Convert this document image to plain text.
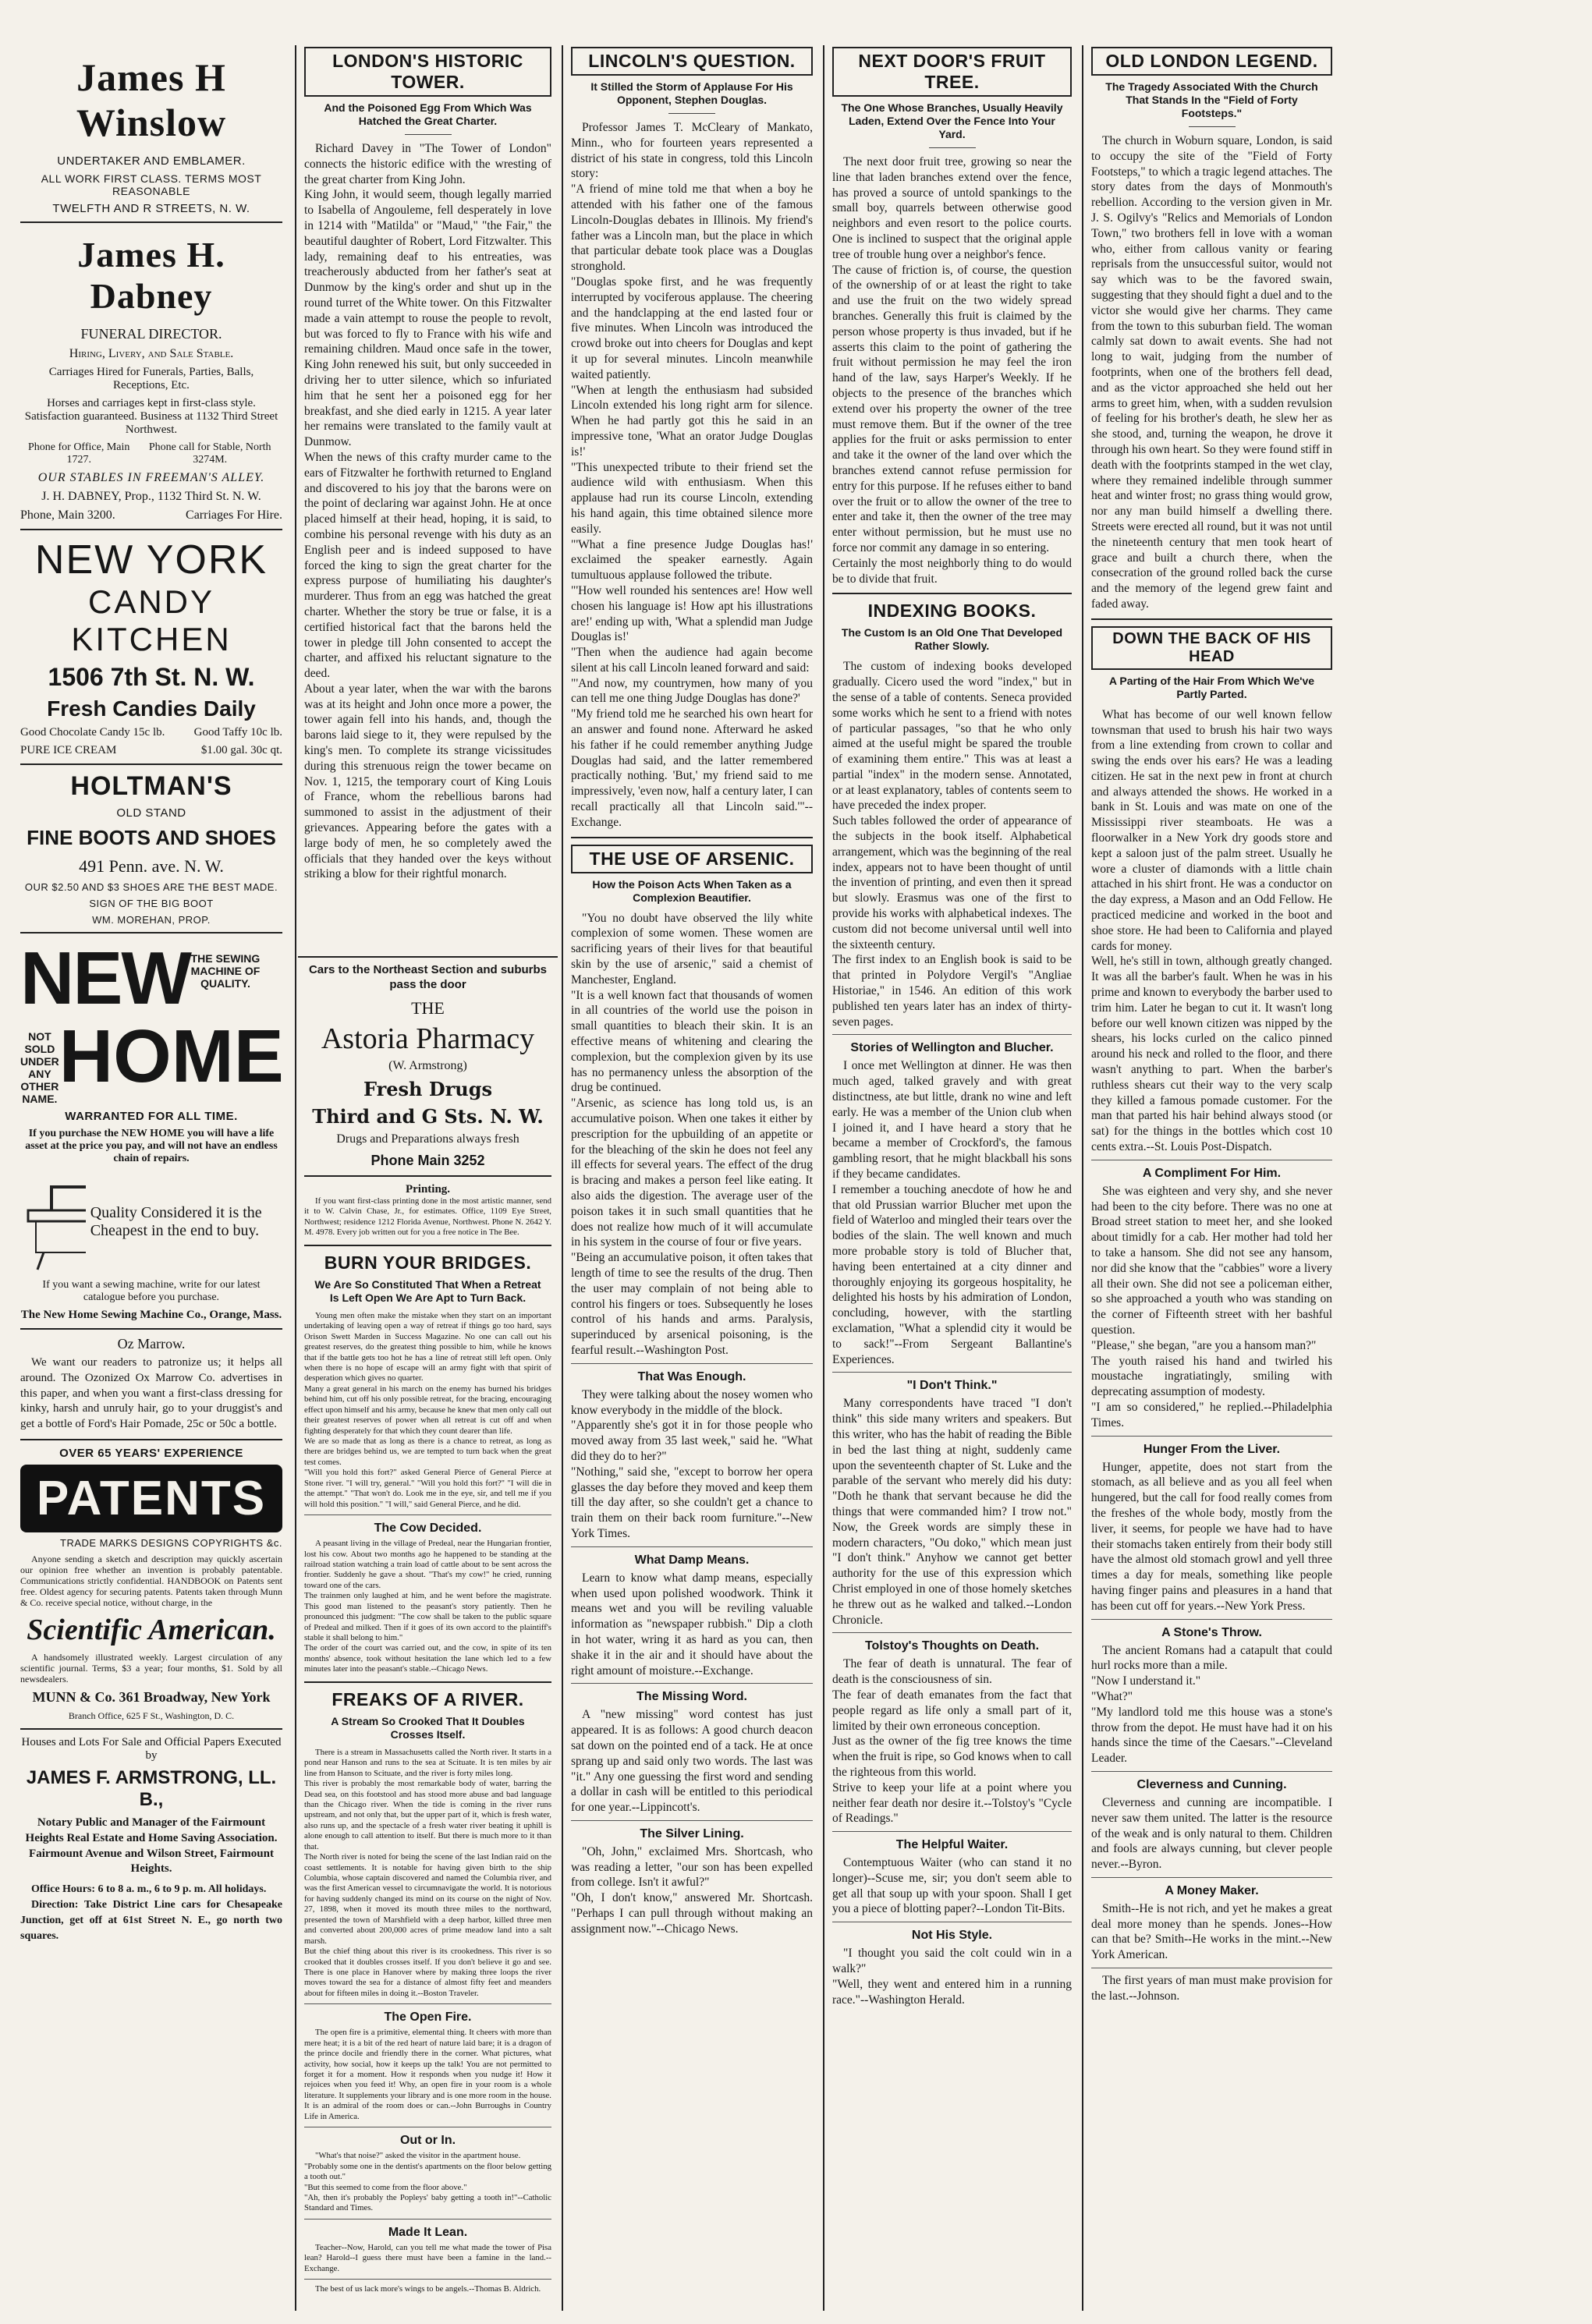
James H Winslow
UNDERTAKER AND EMBLAMER.
ALL WORK FIRST CLASS. TERMS MOST REASONABLE
TWELFTH AND R STREETS, N. W.
James H. Dabney
FUNERAL DIRECTOR.
Hiring, Livery, and Sale Stable.
Carriages Hired for Funerals, Parties, Balls, Receptions, Etc.
Horses and carriages kept in first-class style. Satisfaction guaranteed. Business at 1132 Third Street Northwest.
Phone for Office, Main 1727.
Phone call for Stable, North 3274M.
OUR STABLES IN FREEMAN'S ALLEY.
J. H. DABNEY, Prop., 1132 Third St. N. W.
Phone, Main 3200.	Carriages For Hire.
NEW YORK
CANDY KITCHEN
1506 7th St. N. W.
Fresh Candies Daily
Good Chocolate Candy 15c lb. Good Taffy 10c lb.
PURE ICE CREAM	$1.00 gal. 30c qt.
HOLTMAN'S
OLD STAND
FINE BOOTS AND SHOES
491 Penn. ave. N. W.
OUR $2.50 AND $3 SHOES ARE THE BEST MADE.
SIGN OF THE BIG BOOT
WM. MOREHAN, PROP.
NEW THE SEWING MACHINE OF QUALITY.
NOT SOLD UNDER ANY OTHER NAME.
HOME
WARRANTED FOR ALL TIME.
If you purchase the NEW HOME you will have a life asset at the price you pay, and will not have an endless chain of repairs.
Quality Considered it is the Cheapest in the end to buy.
If you want a sewing machine, write for our latest catalogue before you purchase.
The New Home Sewing Machine Co., Orange, Mass.
Oz Marrow.

We want our readers to patronize us; it helps all around. The Ozonized Ox Marrow Co. advertises in this paper, and when you want a first-class dressing for kinky, harsh and unruly hair, go to your druggist's and get a bottle of Ford's Hair Pomade, 25c or 50c a bottle.

OVER 65 YEARS' EXPERIENCE
PATENTS
TRADE MARKS DESIGNS COPYRIGHTS &c.

Anyone sending a sketch and description may quickly ascertain our opinion free whether an invention is probably patentable. Communications strictly confidential. HANDBOOK on Patents sent free. Oldest agency for securing patents. Patents taken through Munn & Co. receive special notice, without charge, in the

Scientific American.

A handsomely illustrated weekly. Largest circulation of any scientific journal. Terms, $3 a year; four months, $1. Sold by all newsdealers.

MUNN & Co. 361 Broadway, New York
Branch Office, 625 F St., Washington, D. C.
Houses and Lots For Sale and Official Papers Executed by
JAMES F. ARMSTRONG, LL. B.,

Notary Public and Manager of the Fairmount Heights Real Estate and Home Saving Association. Fairmount Avenue and Wilson Street, Fairmount Heights.

Office Hours: 6 to 8 a. m., 6 to 9 p. m. All holidays.

Direction: Take District Line cars for Chesapeake Junction, get off at 61st Street N. E., go north two squares.

LONDON'S HISTORIC TOWER.
And the Poisoned Egg From Which Was Hatched the Great Charter.

Richard Davey in "The Tower of London" connects the historic edifice with the wresting of the great charter from King John.
King John, it would seem, though legally married to Isabella of Angouleme, fell desperately in love in 1214 with "Matilda" or "Maud," "the Fair," the beautiful daughter of Robert, Lord Fitzwalter. This lady, remaining deaf to his entreaties, was treacherously abducted from her father's seat at Dunmow by the king's order and shut up in the round turret of the White tower. On this Fitzwalter made a vain attempt to rouse the people to revolt, but was forced to fly to France with his wife and remaining children. Maud once safe in the tower, King John renewed his suit, but only succeeded in driving her to utter silence, which so infuriated him that he sent her a poisoned egg for her breakfast, and she died early in 1215. A year later her remains were translated to the family vault at Dunmow.
When the news of this crafty murder came to the ears of Fitzwalter he forthwith returned to England and discovered to his joy that the barons were on the point of declaring war against John. He at once placed himself at their head, hoping, it is said, to combine his personal revenge with his duty as an English peer and is indeed supposed to have forced the king to sign the great charter for the express purpose of humiliating his daughter's murderer. Thus from an egg was hatched the great charter. Whether the story be true or false, it is a certified historical fact that the barons held the tower in pledge till John consented to accept the charter, and affixed his reluctant signature to the deed.
About a year later, when the war with the barons was at its height and John once more a power, the tower again fell into his hands, and, though the barons laid siege to it, they were repulsed by the king's men. To complete its strange vicissitudes during this strenuous reign the tower became on Nov. 1, 1215, the temporary court of King Louis of France, whom the rebellious barons had summoned to assist in the adjustment of their grievances. Appearing before the gates with a large body of men, he so completely awed the officials that they handed over the keys without striking a blow for their rightful monarch.

LINCOLN'S QUESTION.
It Stilled the Storm of Applause For His Opponent, Stephen Douglas.

Professor James T. McCleary of Mankato, Minn., who for fourteen years represented a district of his state in congress, told this Lincoln story:
"A friend of mine told me that when a boy he attended with his father one of the famous Lincoln-Douglas debates in Illinois. My friend's father was a Lincoln man, but the place in which that particular debate took place was a Douglas stronghold.
"Douglas spoke first, and he was frequently interrupted by vociferous applause. The cheering and the handclapping at the end lasted four or five minutes. When Lincoln was introduced the crowd broke out into cheers for Douglas and kept it up for several minutes. Lincoln meanwhile waited patiently.
"When at length the enthusiasm had subsided Lincoln extended his long right arm for silence. When he had partly got this he said in an impressive tone, 'What an orator Judge Douglas is!'
"This unexpected tribute to their friend set the audience wild with enthusiasm. When this applause had run its course Lincoln, extending his hand again, this time obtained silence more easily.
"'What a fine presence Judge Douglas has!' exclaimed the speaker earnestly. Again tumultuous applause followed the tribute.
"'How well rounded his sentences are! How well chosen his language is! How apt his illustrations are!' ending up with, 'What a splendid man Judge Douglas is!'
"Then when the audience had again become silent at his call Lincoln leaned forward and said:
"'And now, my countrymen, how many of you can tell me one thing Judge Douglas has done?'
"My friend told me he searched his own heart for an answer and found none. Afterward he asked his father if he could remember anything Judge Douglas had said, and the latter remembered practically nothing. 'But,' my friend said to me impressively, 'even now, half a century later, I can recall practically all that Lincoln said.'"--Exchange.

THE USE OF ARSENIC.
How the Poison Acts When Taken as a Complexion Beautifier.

"You no doubt have observed the lily white complexion of some women. These women are sacrificing years of their lives for that beautiful skin by the use of arsenic," said a chemist of Manchester, England.
"It is a well known fact that thousands of women in all countries of the world use the poison in small quantities to bleach their skin. It is an effective means of whitening and clearing the complexion, but the complexion given by its use has no permanency unless the absorption of the drug be continued.
"Arsenic, as science has long told us, is an accumulative poison. When one takes it either by prescription for the upbuilding of an appetite or for the bleaching of the skin he does not feel any ill effects for several years. The effect of the drug is bracing and makes a person feel like eating. It also aids the digestion. The average user of the poison takes it in such small quantities that he does not realize how much of it will accumulate in his system in the course of four or five years.
"Being an accumulative poison, it often takes that length of time to see the results of the drug. Then the user may complain of not being able to control his fingers or toes. Subsequently he loses control of his hands and arms. Paralysis, superinduced by arsenical poisoning, is the fearful result.--Washington Post.

That Was Enough.

They were talking about the nosey women who know everybody in the middle of the block.
"Apparently she's got it in for those people who moved away from 35 last week," said he. "What did they do to her?"
"Nothing," said she, "except to borrow her opera glasses the day before they moved and keep them till the day after, so she couldn't get a chance to train them on their back room furniture."--New York Times.

What Damp Means.

Learn to know what damp means, especially when used upon polished woodwork. Think it means wet and you will be reviling valuable information as "newspaper rubbish." Dip a cloth in hot water, wring it as hard as you can, then shake it in the air and it should have about the right amount of moisture.--Exchange.

The Missing Word.

A "new missing" word contest has just appeared. It is as follows: A good church deacon sat down on the pointed end of a tack. He at once sprang up and said only two words. The last was "it." Any one guessing the first word and sending a dollar in cash will be entitled to this periodical for one year.--Lippincott's.

The Silver Lining.

"Oh, John," exclaimed Mrs. Shortcash, who was reading a letter, "our son has been expelled from college. Isn't it awful?"
"Oh, I don't know," answered Mr. Shortcash. "Perhaps I can pull through without making an assignment now."--Chicago News.

NEXT DOOR'S FRUIT TREE.
The One Whose Branches, Usually Heavily Laden, Extend Over the Fence Into Your Yard.

The next door fruit tree, growing so near the line that laden branches extend over the fence, has proved a source of untold spankings to the small boy, quarrels between otherwise good neighbors and even resort to the police courts. One is inclined to suspect that the original apple tree of trouble hung over a neighbor's fence.
The cause of friction is, of course, the question of the ownership of or at least the right to take and use the fruit on the two widely spread branches. Generally this fruit is claimed by the person whose property is thus invaded, but if he asserts this claim to the point of gathering the fruit without permission he may feel the iron hand of the law, says Harper's Weekly. If he objects to the presence of the branches which extend over his property the owner of the tree must remove them. But if the owner of the tree applies for the fruit or asks permission to enter and take it the owner of the land over which the branches extend cannot refuse permission for entry for this purpose. If he refuses either to band over the fruit or to allow the owner of the tree to enter and take it, then the owner of the tree may enter without permission, but he must use no force nor commit any damage in so entering.
Certainly the most neighborly thing to do would be to divide that fruit.

INDEXING BOOKS.
The Custom Is an Old One That Developed Rather Slowly.

The custom of indexing books developed gradually. Cicero used the word "index," but in the sense of a table of contents. Seneca provided some works which he sent to a friend with notes of particular passages, "so that he who only aimed at the useful might be spared the trouble of examining them entire." This was at least a partial "index" in the modern sense. Annotated, or at least explanatory, tables of contents seem to have preceded the index proper.
Such tables followed the order of appearance of the subjects in the book itself. Alphabetical arrangement, which was the beginning of the real index, appears not to have been thought of until the invention of printing, and even then it spread but slowly. Erasmus was one of the first to provide his works with alphabetical indexes. The custom did not become universal until well into the sixteenth century.
The first index to an English book is said to be that printed in Polydore Vergil's "Angliae Historiae," in 1546. An edition of this work published ten years later has an index of thirty-seven pages.

Stories of Wellington and Blucher.

I once met Wellington at dinner. He was then much aged, talked gravely and with great distinctness, ate but little, drank no wine and left early. He was a member of the Union club when I joined it, and I have heard a story that he became a member of Crockford's, the famous gambling resort, that he might blackball his sons if they became candidates.
I remember a touching anecdote of how he and that old Prussian warrior Blucher met upon the field of Waterloo and mingled their tears over the bodies of the slain. The well known and much more probable story is told of Blucher that, having been entertained at a city dinner and thoroughly enjoying its gorgeous hospitality, he delighted his hosts by his admiration of London, concluding, however, with the startling exclamation, "What a splendid city it would be to sack!"--From Sergeant Ballantine's Experiences.

"I Don't Think."

Many correspondents have traced "I don't think" this side many writers and speakers. But this writer, who has the habit of reading the Bible in bed the last thing at night, suddenly came upon the seventeenth chapter of St. Luke and the parable of the servant who merely did his duty: "Doth he thank that servant because he did the things that were commanded him? I trow not." Now, the Greek words are simply these in modern characters, "Ou doko," which mean just "I don't think." Anyhow we cannot get better authority for the use of this expression which Christ employed in one of those homely sketches he threw out as he walked and talked.--London Chronicle.

Tolstoy's Thoughts on Death.

The fear of death is unnatural. The fear of death is the consciousness of sin.
The fear of death emanates from the fact that people regard as life only a small part of it, limited by their own erroneous conception.
Just as the owner of the fig tree knows the time when the fruit is ripe, so God knows when to call the righteous from this world.
Strive to keep your life at a point where you neither fear death nor desire it.--Tolstoy's "Cycle of Readings."

The Helpful Waiter.

Contemptuous Waiter (who can stand it no longer)--Scuse me, sir; you don't seem able to get all that soup up with your spoon. Shall I get you a piece of blotting paper?--London Tit-Bits.

Not His Style.

"I thought you said the colt could win in a walk?"
"Well, they went and entered him in a running race."--Washington Herald.

OLD LONDON LEGEND.
The Tragedy Associated With the Church That Stands In the "Field of Forty Footsteps."

The church in Woburn square, London, is said to occupy the site of the "Field of Forty Footsteps," to which a tragic legend attaches. The story dates from the days of Monmouth's rebellion. According to the version given in Mr. J. S. Ogilvy's "Relics and Memorials of London Town," two brothers fell in love with a woman who, either from callous vanity or fearing reprisals from the unsuccessful suitor, would not say which was to be the favored swain, suggesting that they should fight a duel and to the victor she would give her charms. They came from the town to this suburban field. The woman calmly sat down to await events. She had not long to wait, judging from the number of footprints, when one of the brothers fell dead, and as the victor approached she held out her arms to greet him, when, with a sudden revulsion of feeling for his brother's death, he slew her as she stood, and, turning the weapon, he drove it through his own heart. So they were found stiff in death with the footprints stamped in the wet clay, where they remained indelible through summer heat and winter frost; no grass thing would grow, nor any man build himself a dwelling there. Streets were erected all round, but it was not until the nineteenth century that men took heart of grace and built a church there, when the consecration of the ground rolled back the curse and the memory of the legend grew faint and faded away.

DOWN THE BACK OF HIS HEAD
A Parting of the Hair From Which We've Partly Parted.

What has become of our well known fellow townsman that used to brush his hair two ways from a line extending from crown to collar and swing the ends over his ears? He was a leading citizen. He sat in the next pew in front at church and always attended the shows. He worked in a bank in St. Louis and was mate on one of the Mississippi river steamboats. He was a floorwalker in a New York dry goods store and kept a saloon just of the palm street. Usually he wore a cluster of diamonds with a little chain attached in his shirt front. He was a conductor on the day express, a Mason and an Odd Fellow. He practiced medicine and worked in the boot and shoe store. He had been to California and played cards for money.
Well, he's still in town, although greatly changed. It was all the barber's fault. When he was in his prime and known to everybody the barber used to trim him. Later he began to cut it. It wasn't long before our well known citizen was nipped by the shears, his locks curled on the calico pinned around his neck and rolled to the floor, and there wasn't anything to part. When the barber's ruthless shears cut their way to the very scalp they killed a famous pomade customer. For the man that parted his hair behind always stood (or sat) for the things in the bottles which cost 10 cents extra.--St. Louis Post-Dispatch.

A Compliment For Him.

She was eighteen and very shy, and she never had been to the city before. There was no one at Broad street station to meet her, and she looked about timidly for a cab. Her mother had told her to take a hansom. She did not see any hansom, nor did she know that the "cabbies" wore a livery all their own. She did not see a policeman either, so she approached a youth who was standing on the corner of Fifteenth street with her bashful question.
"Please," she began, "are you a hansom man?"
The youth raised his hand and twirled his moustache ingratiatingly, smiling with deprecating assumption of modesty.
"I am so considered," he replied.--Philadelphia Times.

Hunger From the Liver.

Hunger, appetite, does not start from the stomach, as all believe and as you all feel when hungered, but the call for food really comes from the freshes of the whole body, mostly from the liver, it seems, for people we have had to have their stomachs taken entirely from their body still have the almost old stomach growl and yell three times a day for meals, something like people having finger pains and pleasures in a hand that has been cut off for years.--New York Press.

A Stone's Throw.

The ancient Romans had a catapult that could hurl rocks more than a mile.
"Now I understand it."
"What?"
"My landlord told me this house was a stone's throw from the depot. He must have had it on his hands since the time of the Caesars."--Cleveland Leader.

Cleverness and Cunning.

Cleverness and cunning are incompatible. I never saw them united. The latter is the resource of the weak and is only natural to them. Children and fools are always cunning, but clever people never.--Byron.

A Money Maker.

Smith--He is not rich, and yet he makes a great deal more money than he spends. Jones--How can that be? Smith--He works in the mint.--New York American.

The first years of man must make provision for the last.--Johnson.

Cars to the Northeast Section and suburbs pass the door
THE
Astoria Pharmacy
(W. Armstrong)
Fresh Drugs
Third and G Sts. N. W.
Drugs and Preparations always fresh
Phone Main 3252
Printing.

If you want first-class printing done in the most artistic manner, send it to W. Calvin Chase, Jr., for estimates. Office, 1109 Eye Street, Northwest; residence 1212 Florida Avenue, Northwest. Phone N. 2642 Y. M. 4978. Every job written out for you a free notice in The Bee.

BURN YOUR BRIDGES.
We Are So Constituted That When a Retreat Is Left Open We Are Apt to Turn Back.

Young men often make the mistake when they start on an important undertaking of leaving open a way of retreat if things go too hard, says Orison Swett Marden in Success Magazine. No one can call out his greatest reserves, do the greatest thing possible to him, while he knows that if the battle gets too hot he has a line of retreat still left open. Only when there is no hope of escape will an army fight with that spirit of desperation which gives no quarter.
Many a great general in his march on the enemy has burned his bridges behind him, cut off his only possible retreat, for the bracing, encouraging effect upon himself and his army, because he knew that men only call out their greatest reserves of power when all retreat is cut off and when fighting desperately for that which they count dearer than life.
We are so made that as long as there is a chance to retreat, as long as there are bridges behind us, we are tempted to turn back when the great test comes.
"Will you hold this fort?" asked General Pierce of General Pierce at Stone river. "I will try, general." "Will you hold this fort?" "I will die in the attempt." "That won't do. Look me in the eye, sir, and tell me if you will hold this position." "I will," said General Pierce, and he did.

The Cow Decided.

A peasant living in the village of Predeal, near the Hungarian frontier, lost his cow. About two months ago he happened to be standing at the railroad station watching a train load of cattle about to be sent across the frontier. Suddenly he gave a shout. "That's my cow!" he cried, running toward one of the cars.
The trainmen only laughed at him, and he went before the magistrate. This good man listened to the peasant's story patiently. Then he pronounced this judgment: "The cow shall be taken to the public square of Predeal and milked. Then if it goes of its own accord to the plaintiff's stable it shall belong to him."
The order of the court was carried out, and the cow, in spite of its ten months' absence, took without hesitation the lane which led to a few minutes later into the peasant's stable.--Chicago News.

FREAKS OF A RIVER.
A Stream So Crooked That It Doubles Crosses Itself.

There is a stream in Massachusetts called the North river. It starts in a pond near Hanson and runs to the sea at Scituate. It is ten miles by air line from Hanson to Scituate, and the river is forty miles long.
This river is probably the most remarkable body of water, barring the Dead sea, on this footstool and has stood more abuse and bad language than the Chicago river. When the tide is coming in the river runs upstream, and not only that, but the upper part of it, which is fresh water, also runs up, and the spectacle of a fresh water river beating it uphill is alone enough to call attention to itself. But there is much more to it than that.
The North river is noted for being the scene of the last Indian raid on the coast settlements. It is notable for having given birth to the ship Columbia, whose captain discovered and named the Columbia river, and was the first American vessel to circumnavigate the world. It is notorious for having suddenly changed its mind on its course on the night of Nov. 27, 1898, when it moved its mouth three miles to the northward, presented the town of Marshfield with a deep harbor, killed three men and converted about 200,000 acres of prime meadow land into a salt marsh.
But the chief thing about this river is its crookedness. This river is so crooked that it doubles crosses itself. If you don't believe it go and see. There is one place in Hanover where by making three loops the river moves toward the sea for a distance of almost fifty feet and meanders about for fifteen miles in doing it.--Boston Traveler.

The Open Fire.

The open fire is a primitive, elemental thing. It cheers with more than mere heat; it is a bit of the red heart of nature laid bare; it is a dragon of the prince docile and friendly there in the corner. What pictures, what activity, how social, how it keeps up the talk! You are not permitted to forget it for a moment. How it responds when you nudge it! How it rejoices when you feed it! Why, an open fire in your room is a whole literature. It supplements your library and is one more room in the house. It is an admiral of the room does or can.--John Burroughs in Country Life in America.

Out or In.

"What's that noise?" asked the visitor in the apartment house.
"Probably some one in the dentist's apartments on the floor below getting a tooth out."
"But this seemed to come from the floor above."
"Ah, then it's probably the Popleys' baby getting a tooth in!"--Catholic Standard and Times.

Made It Lean.

Teacher--Now, Harold, can you tell me what made the tower of Pisa lean? Harold--I guess there must have been a famine in the land.--Exchange.

The best of us lack more's wings to be angels.--Thomas B. Aldrich.
